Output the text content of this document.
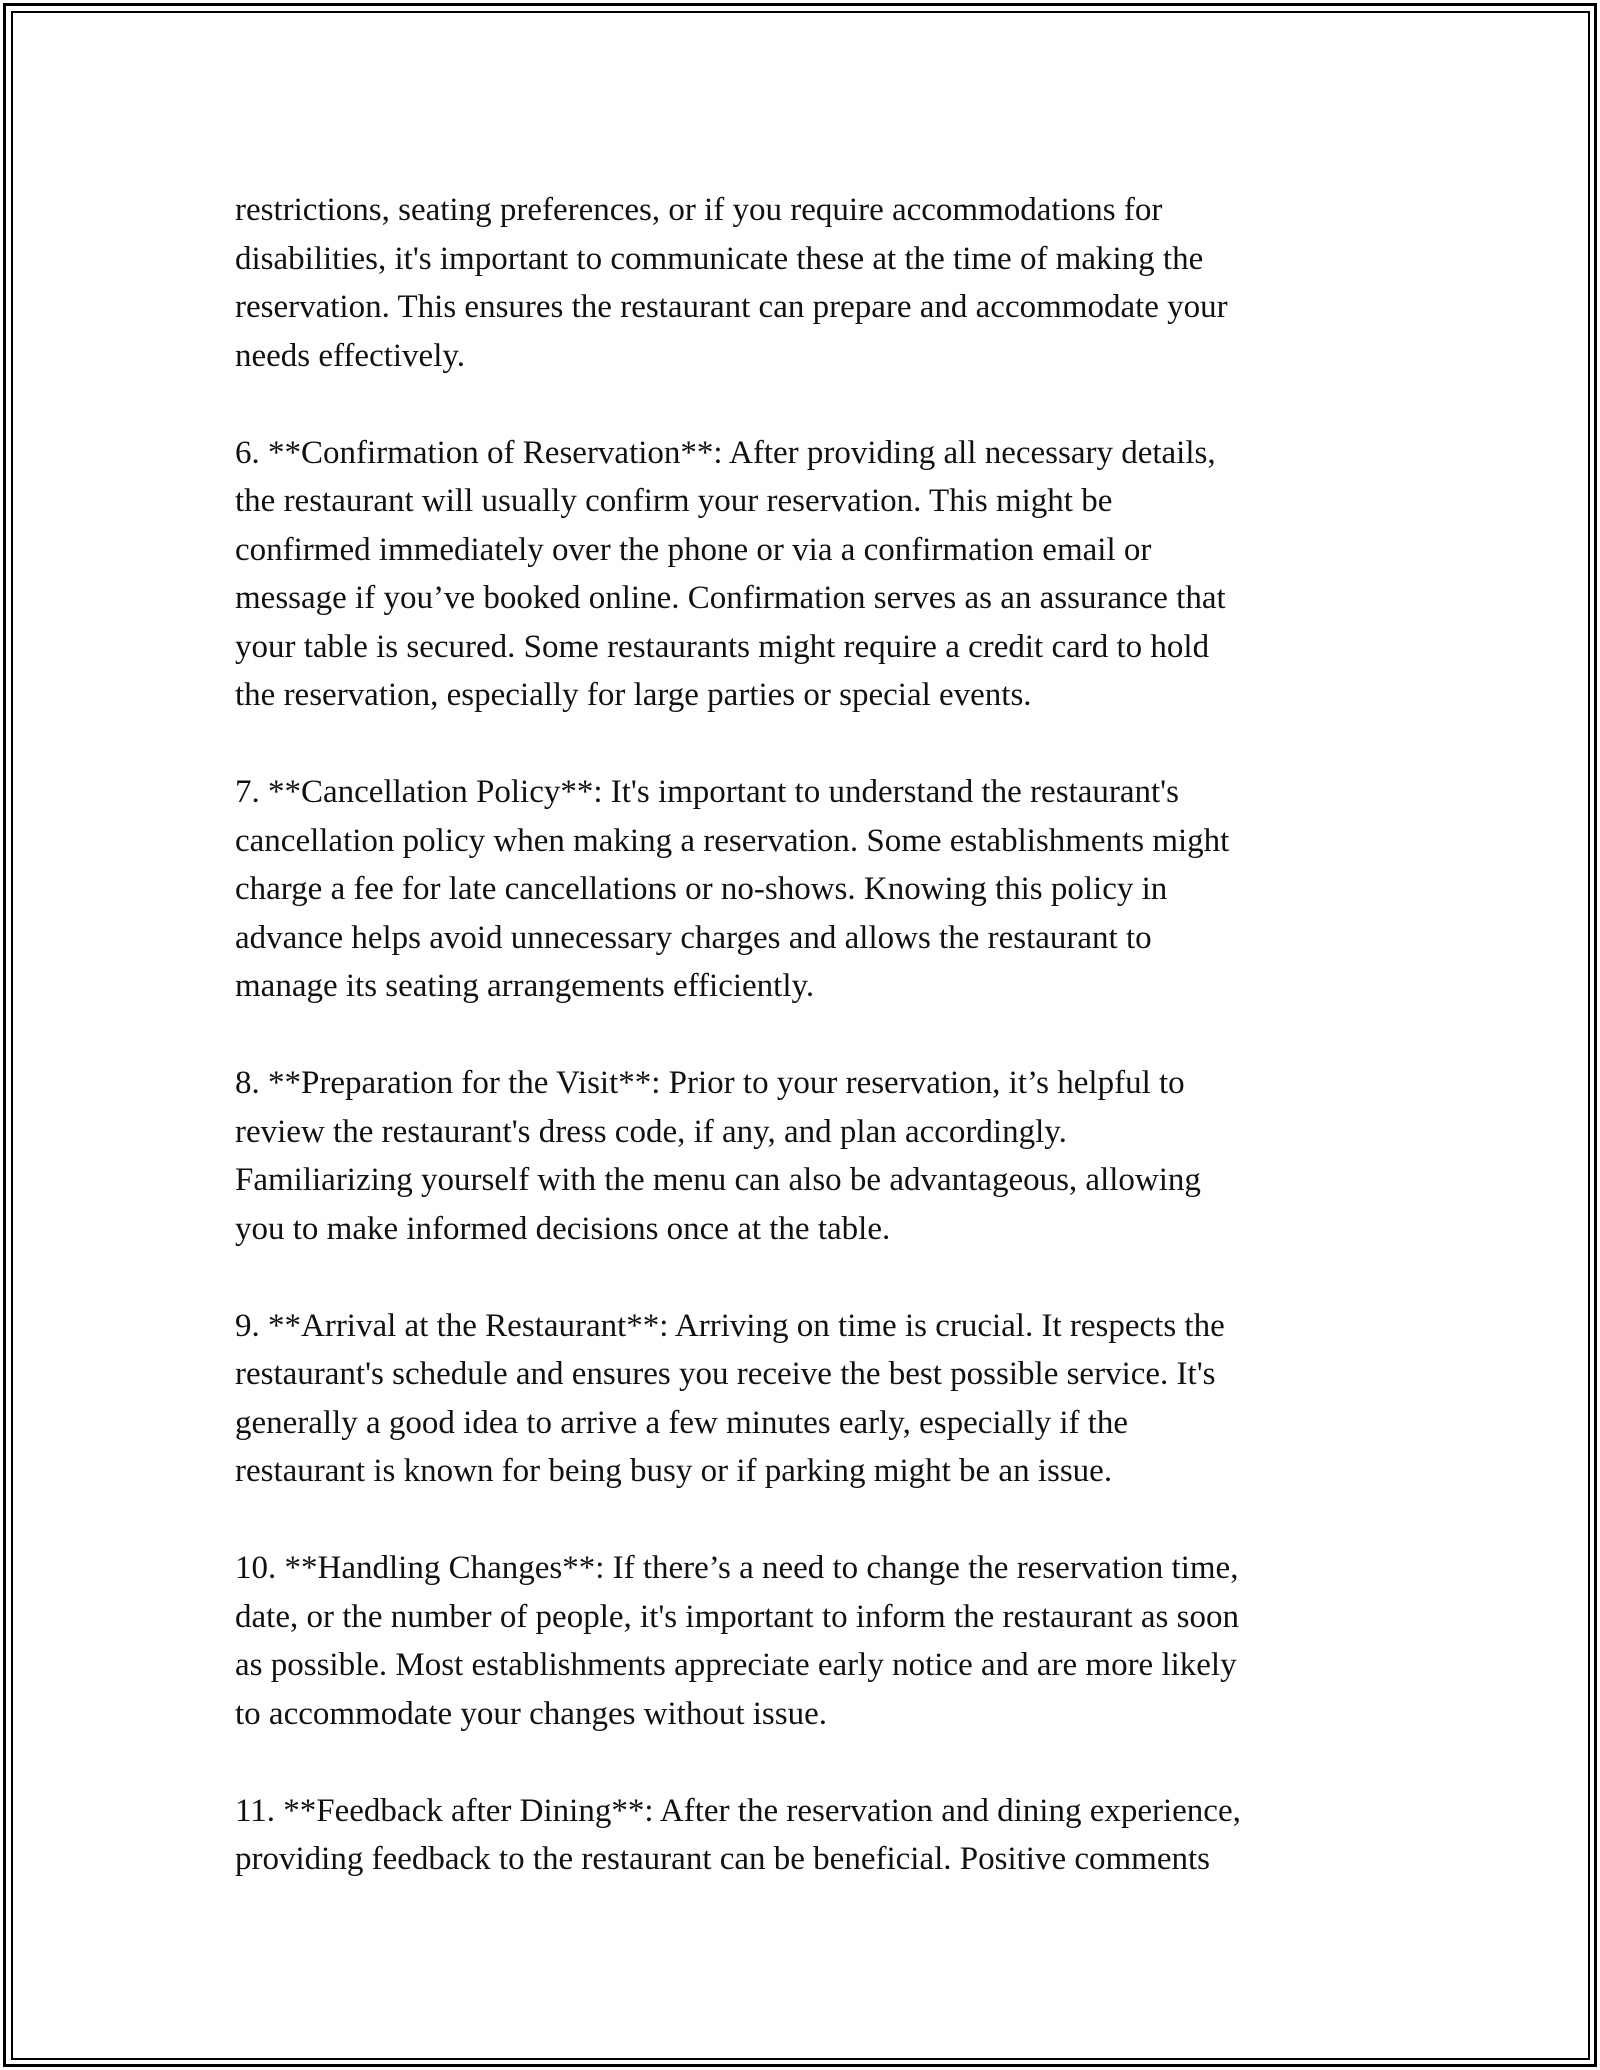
restrictions, seating preferences, or if you require accommodations for
disabilities, it's important to communicate these at the time of making the
reservation. This ensures the restaurant can prepare and accommodate your
needs effectively.

6. **Confirmation of Reservation**: After providing all necessary details,
the restaurant will usually confirm your reservation. This might be
confirmed immediately over the phone or via a confirmation email or
message if you’ve booked online. Confirmation serves as an assurance that
your table is secured. Some restaurants might require a credit card to hold
the reservation, especially for large parties or special events.

7. **Cancellation Policy**: It's important to understand the restaurant's
cancellation policy when making a reservation. Some establishments might
charge a fee for late cancellations or no-shows. Knowing this policy in
advance helps avoid unnecessary charges and allows the restaurant to
manage its seating arrangements efficiently.

8. **Preparation for the Visit**: Prior to your reservation, it’s helpful to
review the restaurant's dress code, if any, and plan accordingly.
Familiarizing yourself with the menu can also be advantageous, allowing
you to make informed decisions once at the table.

9. **Arrival at the Restaurant**: Arriving on time is crucial. It respects the
restaurant's schedule and ensures you receive the best possible service. It's
generally a good idea to arrive a few minutes early, especially if the
restaurant is known for being busy or if parking might be an issue.

10. **Handling Changes**: If there’s a need to change the reservation time,
date, or the number of people, it's important to inform the restaurant as soon
as possible. Most establishments appreciate early notice and are more likely
to accommodate your changes without issue.

11. **Feedback after Dining**: After the reservation and dining experience,
providing feedback to the restaurant can be beneficial. Positive comments
